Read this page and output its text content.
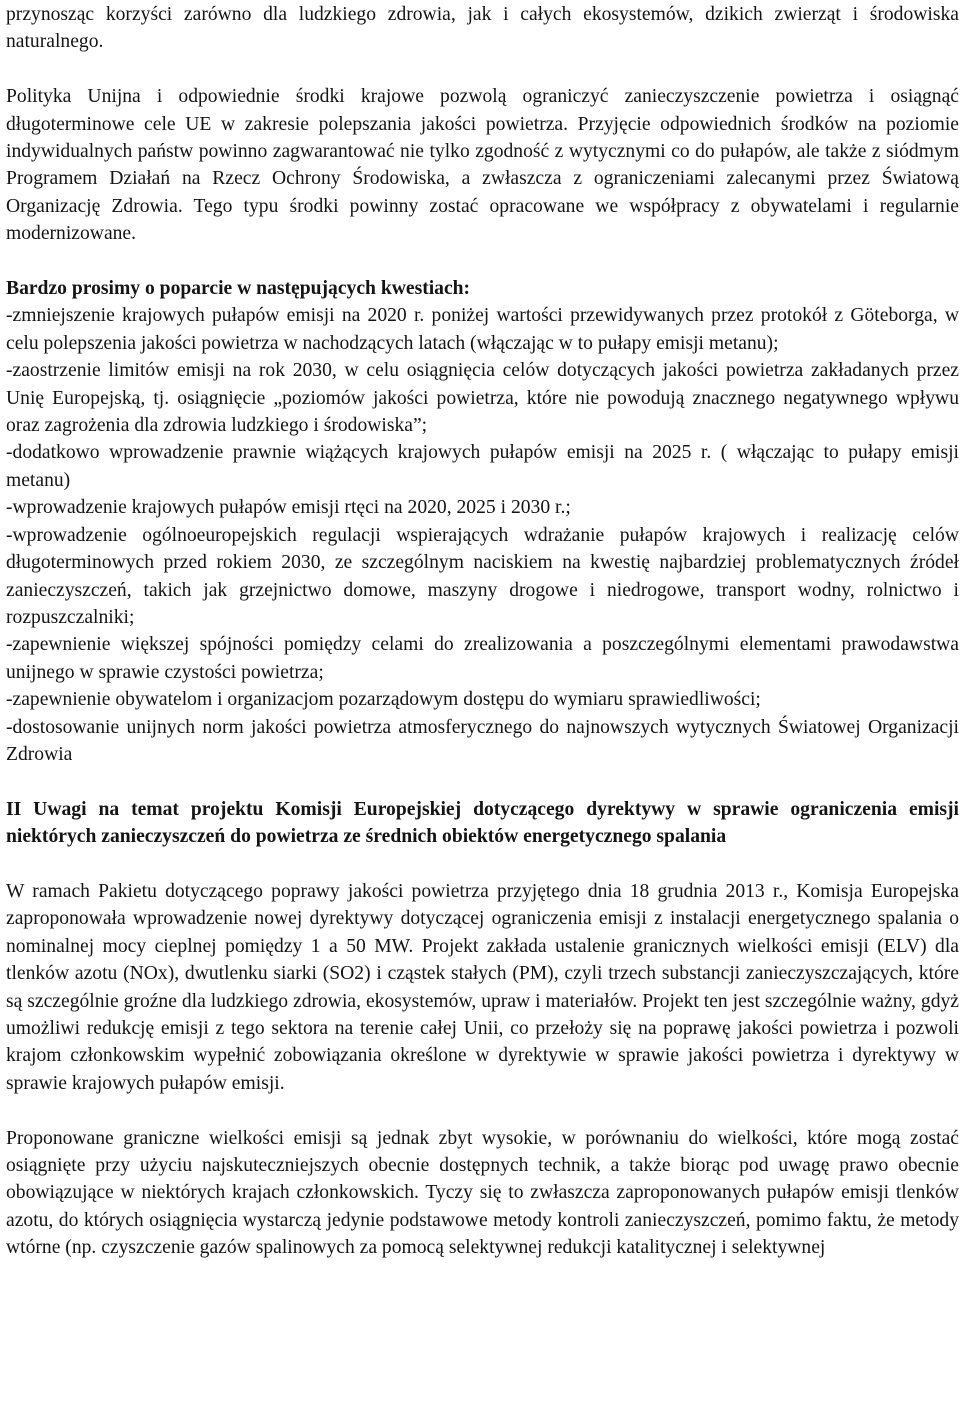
przynosząc korzyści zarówno dla ludzkiego zdrowia, jak i całych ekosystemów, dzikich zwierząt i środowiska naturalnego.

Polityka Unijna i odpowiednie środki krajowe pozwolą ograniczyć zanieczyszczenie powietrza i osiągnąć długoterminowe cele UE w zakresie polepszania jakości powietrza. Przyjęcie odpowiednich środków na poziomie indywidualnych państw powinno zagwarantować nie tylko zgodność z wytycznymi co do pułapów, ale także z siódmym Programem Działań na Rzecz Ochrony Środowiska, a zwłaszcza z ograniczeniami zalecanymi przez Światową Organizację Zdrowia. Tego typu środki powinny zostać opracowane we współpracy z obywatelami i regularnie modernizowane.

Bardzo prosimy o poparcie w następujących kwestiach:

-zmniejszenie krajowych pułapów emisji na 2020 r. poniżej wartości przewidywanych przez protokół z Göteborga, w celu polepszenia jakości powietrza w nachodzących latach (włączając w to pułapy emisji metanu);

-zaostrzenie limitów emisji na rok 2030, w celu osiągnięcia celów dotyczących jakości powietrza zakładanych przez Unię Europejską, tj. osiągnięcie „poziomów jakości powietrza, które nie powodują znacznego negatywnego wpływu oraz zagrożenia dla zdrowia ludzkiego i środowiska”;

-dodatkowo wprowadzenie prawnie wiążących krajowych pułapów emisji na 2025 r. ( włączając to pułapy emisji metanu)

-wprowadzenie krajowych pułapów emisji rtęci na 2020, 2025 i 2030 r.;

-wprowadzenie ogólnoeuropejskich regulacji wspierających wdrażanie pułapów krajowych i realizację celów długoterminowych przed rokiem 2030, ze szczególnym naciskiem na kwestię najbardziej problematycznych źródeł zanieczyszczeń, takich jak grzejnictwo domowe, maszyny drogowe i niedrogowe, transport wodny, rolnictwo i rozpuszczalniki;

-zapewnienie większej spójności pomiędzy celami do zrealizowania a poszczególnymi elementami prawodawstwa unijnego w sprawie czystości powietrza;

-zapewnienie obywatelom i organizacjom pozarządowym dostępu do wymiaru sprawiedliwości;

-dostosowanie unijnych norm jakości powietrza atmosferycznego do najnowszych wytycznych Światowej Organizacji Zdrowia

II Uwagi na temat projektu Komisji Europejskiej dotyczącego dyrektywy w sprawie ograniczenia emisji niektórych zanieczyszczeń do powietrza ze średnich obiektów energetycznego spalania

W ramach Pakietu dotyczącego poprawy jakości powietrza przyjętego dnia 18 grudnia 2013 r., Komisja Europejska zaproponowała wprowadzenie nowej dyrektywy dotyczącej ograniczenia emisji z instalacji energetycznego spalania o nominalnej mocy cieplnej pomiędzy 1 a 50 MW. Projekt zakłada ustalenie granicznych wielkości emisji (ELV) dla tlenków azotu (NOx), dwutlenku siarki (SO2) i cząstek stałych (PM), czyli trzech substancji zanieczyszczających, które są szczególnie groźne dla ludzkiego zdrowia, ekosystemów, upraw i materiałów. Projekt ten jest szczególnie ważny, gdyż umożliwi redukcję emisji z tego sektora na terenie całej Unii, co przełoży się na poprawę jakości powietrza i pozwoli krajom członkowskim wypełnić zobowiązania określone w dyrektywie w sprawie jakości powietrza i dyrektywy w sprawie krajowych pułapów emisji.

Proponowane graniczne wielkości emisji są jednak zbyt wysokie, w porównaniu do wielkości, które mogą zostać osiągnięte przy użyciu najskuteczniejszych obecnie dostępnych technik, a także biorąc pod uwagę prawo obecnie obowiązujące w niektórych krajach członkowskich. Tyczy się to zwłaszcza zaproponowanych pułapów emisji tlenków azotu, do których osiągnięcia wystarczą jedynie podstawowe metody kontroli zanieczyszczeń, pomimo faktu, że metody wtórne (np. czyszczenie gazów spalinowych za pomocą selektywnej redukcji katalitycznej i selektywnej
